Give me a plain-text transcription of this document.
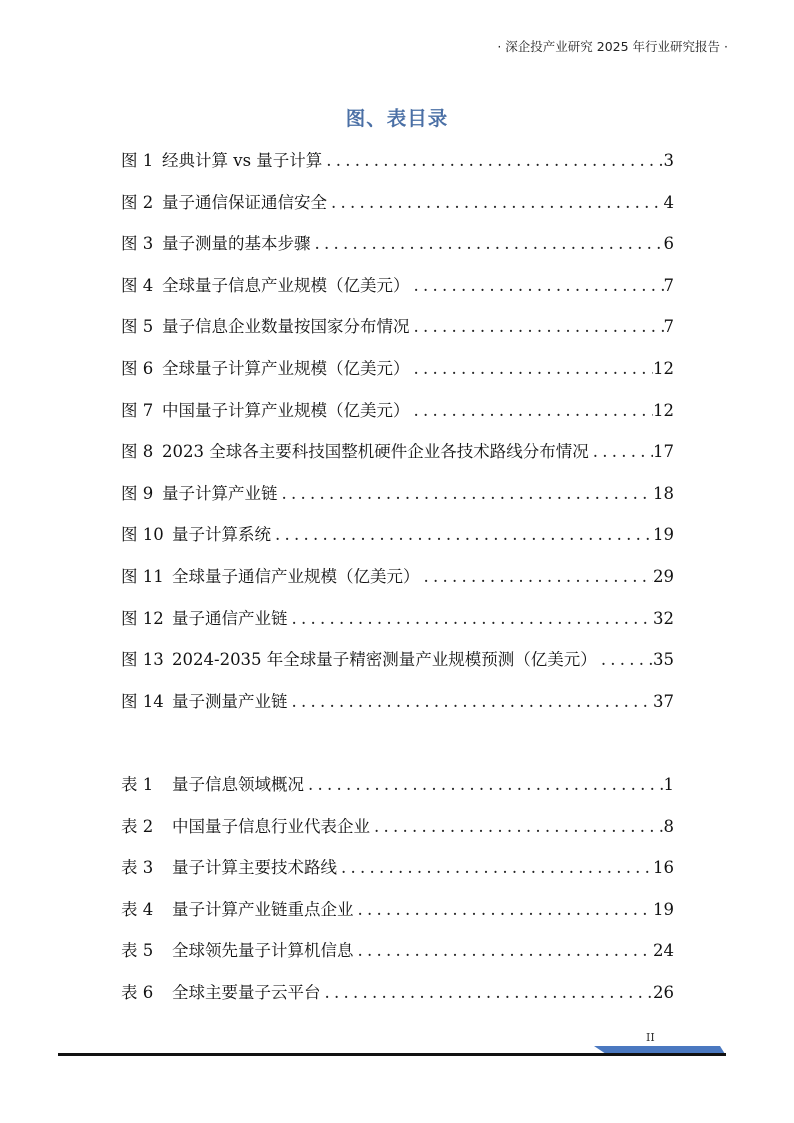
· 深企投产业研究 2025 年行业研究报告 ·
图、表目录
图 1 经典计算 vs 量子计算 . . .	3
图 2 量子通信保证通信安全 . . .	4
图 3 量子测量的基本步骤 . . .	6
图 4 全球量子信息产业规模（亿美元） . . .	7
图 5 量子信息企业数量按国家分布情况 . . .	7
图 6 全球量子计算产业规模（亿美元） . . .	12
图 7 中国量子计算产业规模（亿美元） . . .	12
图 8 2023 全球各主要科技国整机硬件企业各技术路线分布情况 . . .	17
图 9 量子计算产业链 . . .	18
图 10 量子计算系统 . . .	19
图 11 全球量子通信产业规模（亿美元） . . .	29
图 12 量子通信产业链 . . .	32
图 13 2024-2035 年全球量子精密测量产业规模预测（亿美元） . . .	35
图 14 量子测量产业链 . . .	37
表 1	量子信息领域概况 . . .	1
表 2	中国量子信息行业代表企业 . . .	8
表 3	量子计算主要技术路线 . . .	16
表 4	量子计算产业链重点企业 . . .	19
表 5	全球领先量子计算机信息 . . .	24
表 6	全球主要量子云平台 . . .	26
II
